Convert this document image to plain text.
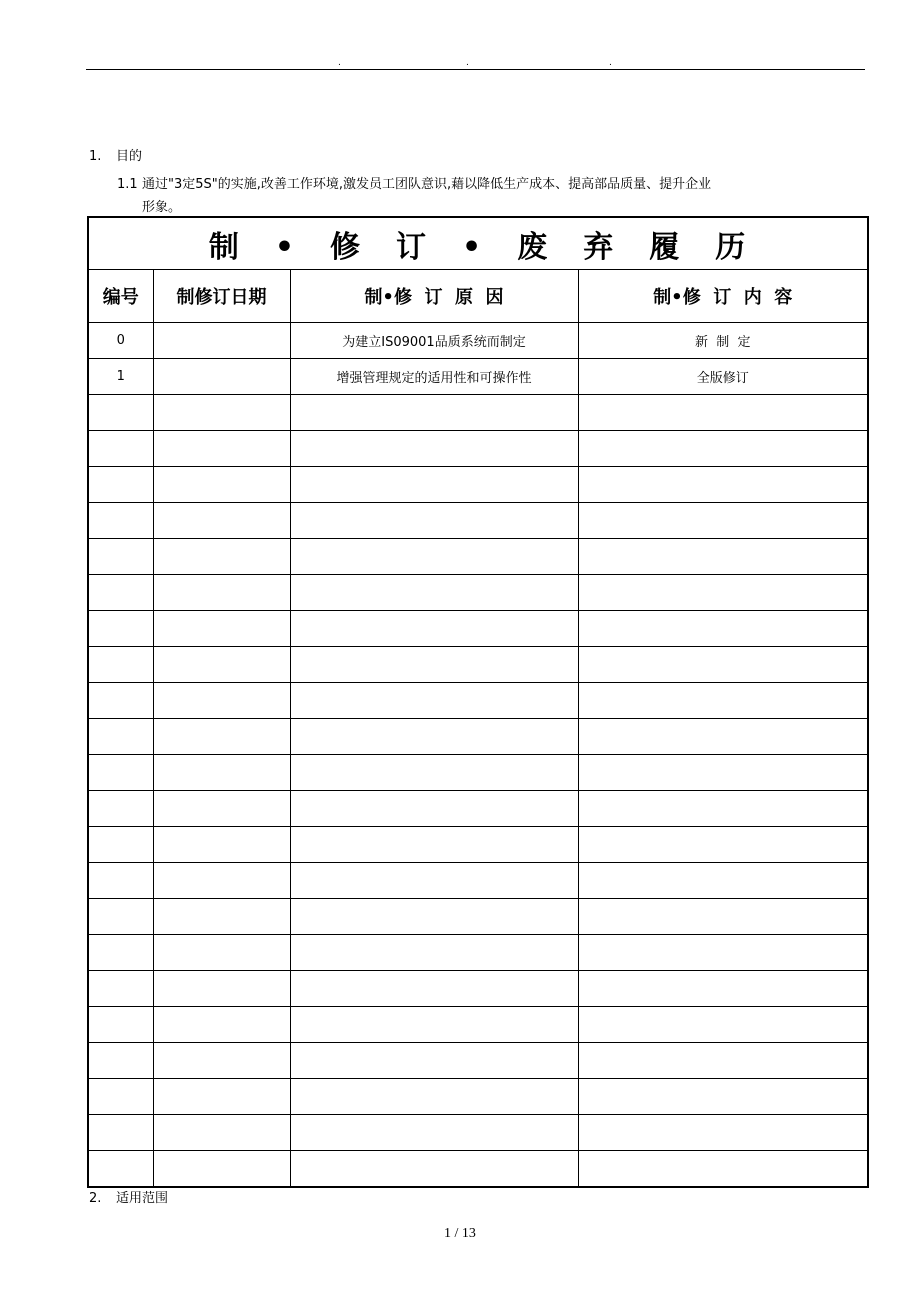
.	.	.
1. 目的
1.1 通过"3定5S"的实施,改善工作环境,激发员工团队意识,藉以降低生产成本、提高部品质量、提升企业
形象。
制 • 修 订 • 废 弃 履 历			
编号	制修订日期	制•修  订  原  因	制•修  订  内  容
0		为建立IS09001品质系统而制定	新  制  定
1		增强管理规定的适用性和可操作性	全版修订

2. 适用范围
1 / 13
